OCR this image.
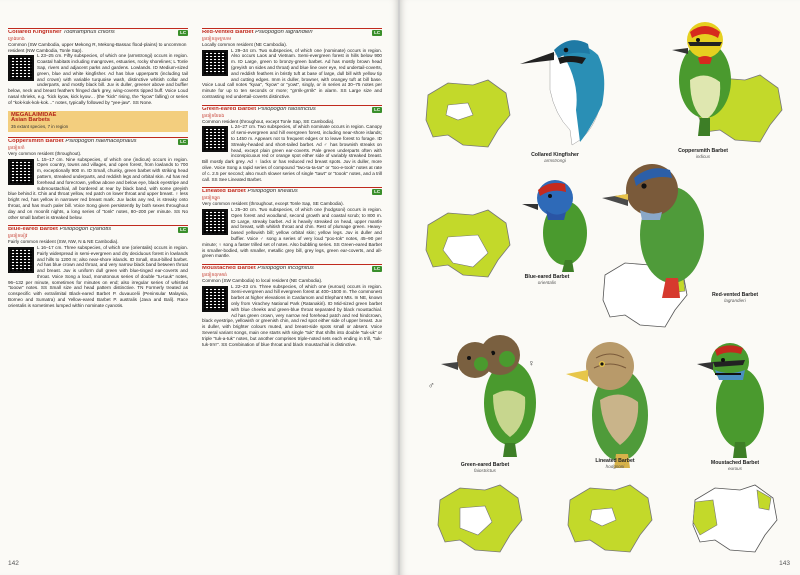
Collared Kingfisher Todiramphus chloris	LC
ក្ដោងកោង
Common (SW Cambodia, upper Mekong R, Mekong-Bassac flood-plains) to uncommon resident (NW Cambodia, Tonle Sap).
L 23–25 cm. Fifty subspecies, of which one (armstrongi) occurs in region. Coastal habitats including mangroves, estuaries, rocky shorelines; L Tonle Sap, rivers and adjacent parks and gardens. Lowlands. ID Medium-sized green, blue and white kingfisher. Ad has blue upperparts (including tail and crown) with variable turquoise wash, distinctive whitish collar and underparts, and mostly black bill. Juv is duller, greener above and buffier below, neck and breast feathers fringed dark grey, wing-coverts tipped buff. Voice Loud nasal shrieks, e.g. "kick kyow, kick kyow… (the "kick" rising, the "kyow" falling) or series of "kok-kok-kok-kok…" notes, typically followed by "yee-jaw". SS None.
MEGALAIMIDAE
Asian Barbets
35 extant species, 7 in region
Coppersmith Barbet Psilopogon haemacephalus	LC
ត្រចៀកកាំ
Very common resident (throughout).
L 15–17 cm. Nine subspecies, of which one (indicus) occurs in region. Open country, towns and villages, and open forest, from lowlands to 700 m, exceptionally 900 m. ID Small, chunky, green barbet with striking head pattern, streaked underparts, and reddish legs and orbital skin. Ad has red forehead and forecrown, yellow above and below eye, black eyestripe and submoustachial, all bordered at rear by black band, with some greyish blue behind it. Chin and throat yellow, red patch on lower throat and upper breast. ♀ less bright red, has yellow in narrower red breast mark. Juv lacks any red, is streaky onto throat, and has much paler bill. Voice Song given persistently by both sexes throughout day and on moonlit nights, a long series of "tonk" notes, 80–200 per minute. SS No other small barbet is streaked below.
Blue-eared Barbet Psilopogon cyanotis	LC
ត្រចៀកខៀវ
Fairly common resident (SW, NW, N & NE Cambodia).
L 16–17 cm. Three subspecies, of which one (orientalis) occurs in region. Fairly widespread in semi-evergreen and dry deciduous forest in lowlands and hills to 1200 m; also near-shore islands. ID Small, stout-billed barbet. Ad has blue crown and throat, and very narrow black band between throat and breast. Juv is uniform dull green with blue-tinged ear-coverts and throat. Voice Song a loud, monotonous series of double "tu-tuuk" notes, 96–132 per minute, sometimes for minutes on end; also irregular series of whistled "tooow" notes. SS Small size and head pattern distinctive. TN Formerly treated as conspecific with extralimital Black-eared Barbet P. duvaucelii (Peninsular Malaysia, Borneo and Sumatra) and Yellow-eared Barbet P. australis (Java and Bali). Race orientalis is sometimes lumped within nominate cyanotis.
Red-vented Barbet Psilopogon lagrandieri	LC
ត្រចៀកគូទក្រហម
Locally common resident (NE Cambodia).
L 29–34 cm. Two subspecies, of which one (nominate) occurs in region. Also occurs Laos and Vietnam. Semi-evergreen forest in hills below 900 m. ID Large, green to bronzy-green barbet. Ad has mostly brown head (greyish on sides and throat) and blue line over eye, red undertail-coverts, and reddish feathers in bristly tuft at base of large, dull bill with yellow tip and cutting edges. Imm is duller, browner, with orangey tuft at bill base. Voice Loud call notes "kyaa", "kyow" or "yowt", singly, or in series at 30–75 notes per minute for up to ten seconds or more; "grrrik-grrrik" in alarm. SS Large size and contrasting red undertail-coverts distinctive.
Green-eared Barbet Psilopogon faiostrictus	LC
ត្រចៀកបៃតង
Common resident (throughout, except Tonle Sap, SE Cambodia).
L 24–27 cm. Two subspecies, of which nominate occurs in region. Canopy of semi-evergreen and hill evergreen forest, including near-shore islands; to 1450 m. Appears not to frequent edges or to leave forest to forage. ID Streaky-headed and short-tailed barbet. Ad ♂ has brownish streaks on head, except plain green ear-coverts. Pale green underparts often with inconspicuous red or orange spot either side of variably streaked breast. Bill mostly dark grey. Ad ♀ lacks or has reduced red breast spots. Juv is duller, more olive. Voice Song a rapid series of compound "two-ta-ta-tar" or "too-e-took" notes at rate of c. 2.5 per second; also much slower series of single "tawt" or "toook" notes, and a trill call. SS See Lineated Barbet.
Lineated Barbet Psilopogon lineatus	LC
ត្រចៀកឆ្នូត
Very common resident (throughout, except Tonle Sap, SE Cambodia).
L 25–30 cm. Two subspecies, of which one (hodgsoni) occurs in region. Open forest and woodland, second growth and coastal scrub; to 800 m. ID Large, streaky barbet. Ad is heavily streaked on head, upper mantle and breast, with whitish throat and chin. Rest of plumage green. Heavy-based yellowish bill; yellow orbital skin; yellow legs. Juv is duller and buffier. Voice ♂ song a series of very loud "poo-tok" notes, 45–90 per minute; ♀ song a faster trilled set of notes. Also bubbling series. SS Green-eared Barbet is smaller-bodied, with smaller, metallic grey bill, grey legs, green ear-coverts, and all-green mantle.
Moustached Barbet Psilopogon incognitus	LC
ត្រចៀកពុកមាត់
Common (SW Cambodia) to local resident (NE Cambodia).
L 22–23 cm. Three subspecies, of which one (eurous) occurs in region. Semi-evergreen and hill evergreen forest at 400–1500 m. The commonest barbet at higher elevations in Cardamom and Elephant Mts. In NE, known only from Virachey National Park (Ratanakiri). ID Mid-sized green barbet with blue cheeks and green-blue throat separated by black moustachial. Ad has green crown, very narrow red forehead patch and red hindcrown, black eyestripe, yellowish or greenish chin, and red spot either side of upper breast. Juv is duller, with brighter colours muted, and breast-side spots small or absent. Voice Several variant songs, main one starts with single "tuk" that shifts into double "tuk-uk" or triple "tuk-a-tuk" notes, but another comprises triple-noted sets each ending in trill, "tuk-tuk-trrrr". SS Combination of blue throat and black moustachial is distinctive.
142
Collared Kingfisher
armstrongi
Coppersmith Barbet
indicus
Blue-eared Barbet
orientalis
Red-vented Barbet
lagrandieri
♂
♀
Green-eared Barbet
faiostrictus
Lineated Barbet
hodgsoni
Moustached Barbet
eurous
143
